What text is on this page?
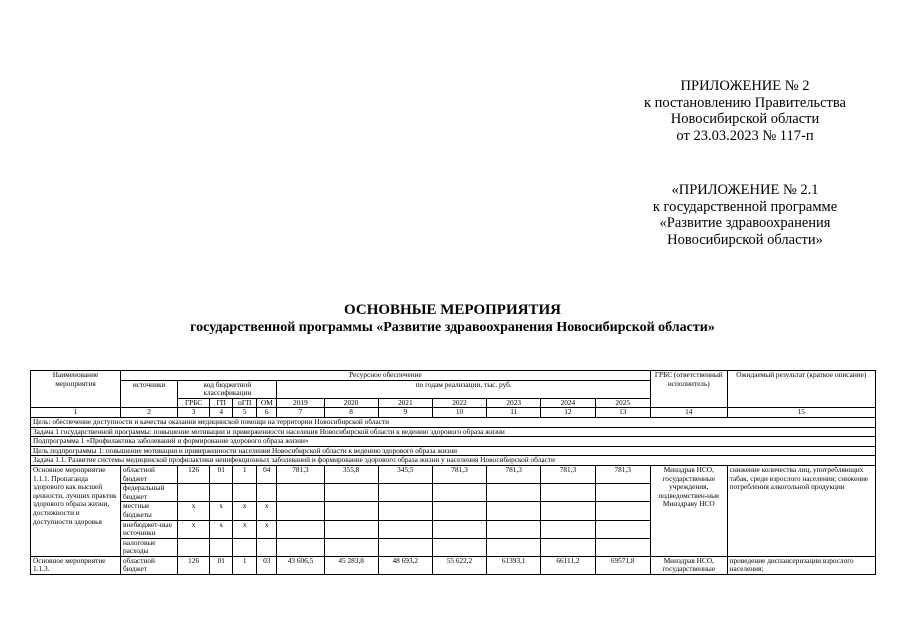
ПРИЛОЖЕНИЕ № 2
к постановлению Правительства
Новосибирской области
от 23.03.2023 № 117-п
«ПРИЛОЖЕНИЕ № 2.1
к государственной программе
«Развитие здравоохранения
Новосибирской области»
ОСНОВНЫЕ МЕРОПРИЯТИЯ
государственной программы «Развитие здравоохранения Новосибирской области»
Наименование мероприятия	Ресурсное обеспечение												ГРБС (ответственный исполнитель)	Ожидаемый результат (краткое описание)
	источники	код бюджетной классификации				по годам реализации, тыс. руб.								
		ГРБС	ГП	пГП	ОМ	2019	2020	2021	2022	2023	2024	2025		
1	2	3	4	5	6	7	8	9	10	11	12	13	14	15
Цель: обеспечение доступности и качества оказания медицинской помощи на территории Новосибирской области														
Задача 1 государственной программы: повышение мотивации и приверженности населения Новосибирской области к ведению здорового образа жизни														
Подпрограмма 1 «Профилактика заболеваний и формирование здорового образа жизни»														
Цель подпрограммы 1: повышение мотивации и приверженности населения Новосибирской области к ведению здорового образа жизни														
Задача 1.1. Развитие системы медицинской профилактики неинфекционных заболеваний и формирование здорового образа жизни у населения Новосибирской области														
Основное мероприятие 1.1.1. Пропаганда здорового как высшей ценности, лучших практик здорового образа жизни, достижности и доступности здоровья	областной бюджет	126	01	1	04	781,3	355,8	345,5	781,3	781,3	781,3	781,3	Минздрав НСО, государственные учреждения, подведомствен-ные Минздраву НСО	снижение количества лиц, употребляющих табак, среди взрослого населения; снижение потребления алкогольной продукции
	федеральный бюджет													
	местные бюджеты	x	x	x	x									
	внебюджет-ные источники	x	x	x	x									
	налоговые расходы													
Основное мероприятие 1.1.3.	областной бюджет	126	01	1	03	43 606,5	45 283,8	48 693,2	55 622,2	61393,1	66111,2	69571,8	Минздрав НСО, государственные	проведение диспансеризации взрослого населения;
